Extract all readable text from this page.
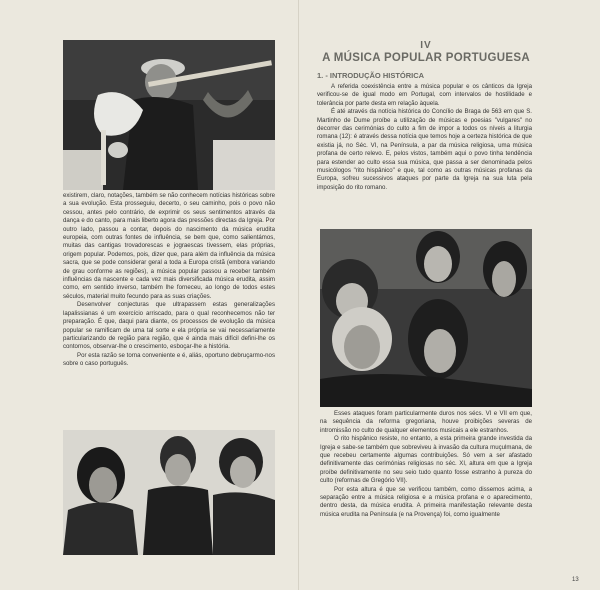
existirem, claro, notações, também se não conhecem notícias históricas sobre a sua evolução. Esta prosseguiu, decerto, o seu caminho, pois o povo não cessou, antes pelo contrário, de exprimir os seus sentimentos através da dança e do canto, para mais liberto agora das pressões directas da Igreja. Por outro lado, passou a contar, depois do nascimento da música erudita europeia, com outras fontes de influência, se bem que, como salientámos, muitas das cantigas trovadorescas e jograescas tivessem, elas próprias, origem popular. Podemos, pois, dizer que, para além da influência da música sacra, que se pode considerar geral a toda a Europa cristã (embora variando de grau conforme as regiões), a música popular passou a receber também influências da nascente e cada vez mais diversificada música erudita, assim como, em sentido inverso, também lhe forneceu, ao longo de todos estes séculos, material muito fecundo para as suas criações.

Desenvolver conjecturas que ultrapassem estas generalizações lapalissianas é um exercício arriscado, para o qual reconhecemos não ter preparação. É que, daqui para diante, os processos de evolução da música popular se ramificam de uma tal sorte e ela própria se vai necessariamente particularizando de região para região, que é ainda mais difícil defini-lhe os contornos, observar-lhe o crescimento, esboçar-lhe a história.

Por esta razão se torna conveniente e é, aliás, oportuno debruçarmo-nos sobre o caso português.

IV
A MÚSICA POPULAR PORTUGUESA
1. - INTRODUÇÃO HISTÓRICA

A referida coexistência entre a música popular e os cânticos da Igreja verificou-se de igual modo em Portugal, com intervalos de hostilidade e tolerância por parte desta em relação àquela.

É até através da notícia histórica do Concílio de Braga de 563 em que S. Martinho de Dume proíbe a utilização de músicas e poesias "vulgares" no decorrer das cerimónias do culto a fim de impor a todos os níveis a liturgia romana (12): é através dessa notícia que temos hoje a certeza histórica de que existia já, no Séc. VI, na Península, a par da música religiosa, uma música profana de certo relevo. E, pelos vistos, também aqui o povo tinha tendência para estender ao culto essa sua música, que passa a ser denominada pelos musicólogos "rito hispânico" e que, tal como as outras músicas profanas da Europa, sofreu sucessivos ataques por parte da Igreja na sua luta pela imposição do rito romano.

Esses ataques foram particularmente duros nos sécs. VI e VII em que, na sequência da reforma gregoriana, houve proibições severas de intromissão no culto de qualquer elementos musicais a ele estranhos.

O rito hispânico resiste, no entanto, a esta primeira grande investida da Igreja e sabe-se também que sobreviveu à invasão da cultura muçulmana, de que recebeu certamente algumas contribuições. Só vem a ser afastado definitivamente das cerimónias religiosas no séc. XI, altura em que a Igreja proíbe definitivamente no seu seio tudo quanto fosse estranho à pureza do culto (reformas de Gregório VII).

Por esta altura é que se verificou também, como dissemos acima, a separação entre a música religiosa e a música profana e o aparecimento, dentro desta, da música erudita. A primeira manifestação relevante desta música erudita na Península (e na Provença) foi, como igualmente

13
